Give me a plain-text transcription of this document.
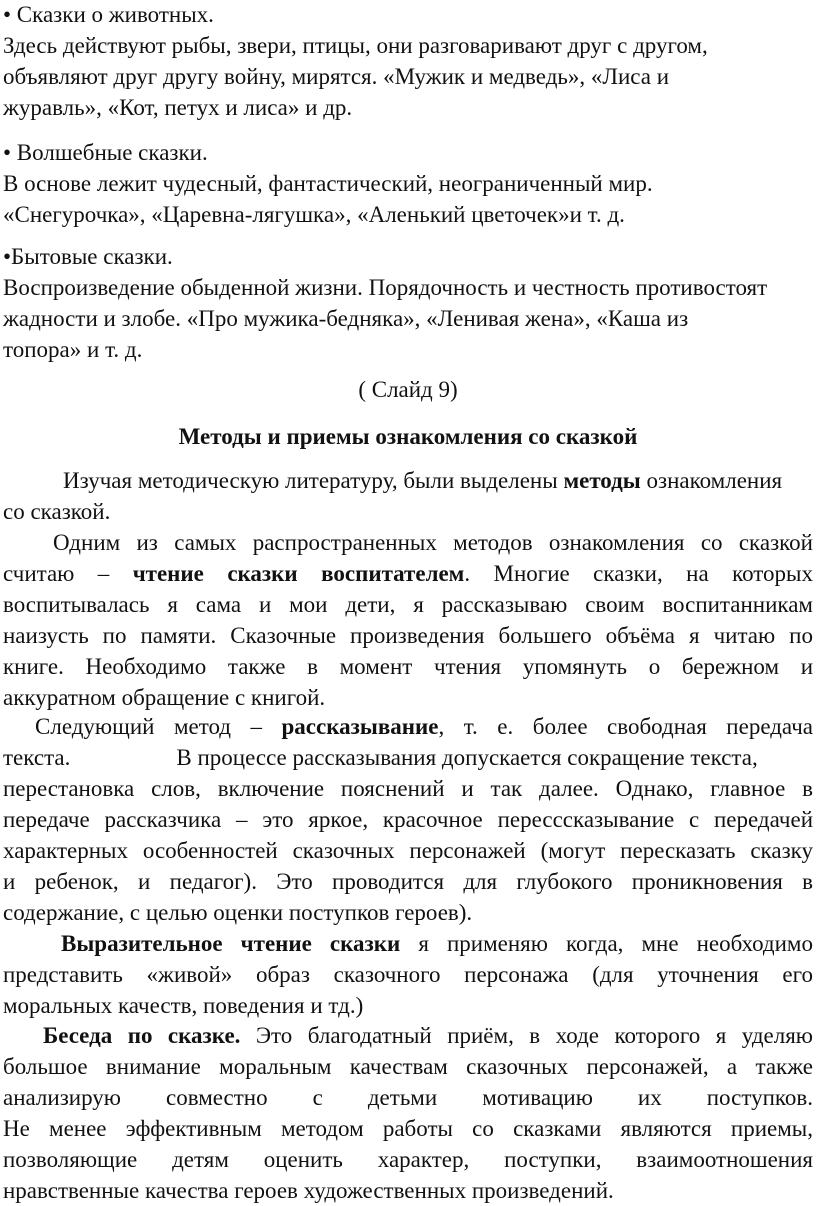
• Сказки о животных.
Здесь действуют рыбы, звери, птицы, они разговаривают друг с другом,
объявляют друг другу войну, мирятся. «Мужик и медведь», «Лиса и
журавль», «Кот, петух и лиса» и др.
• Волшебные сказки.
В основе лежит чудесный, фантастический, неограниченный мир.
«Снегурочка», «Царевна-лягушка», «Аленький цветочек»и т. д.
•Бытовые сказки.
Воспроизведение обыденной жизни. Порядочность и честность противостоят
жадности и злобе. «Про мужика-бедняка», «Ленивая жена», «Каша из
топора» и т. д.
( Слайд 9)
Методы и приемы ознакомления со сказкой
Изучая методическую литературу, были выделены методы ознакомления
со сказкой.
Одним из самых распространенных методов ознакомления со сказкой
считаю – чтение сказки воспитателем. Многие сказки, на которых
воспитывалась я сама и мои дети, я рассказываю своим воспитанникам
наизусть по памяти. Сказочные произведения большего объёма я читаю по
книге. Необходимо также в момент чтения упомянуть о бережном и
аккуратном обращение с книгой.
Следующий метод – рассказывание, т. е. более свободная передача
текста.	В процессе рассказывания допускается сокращение текста,
перестановка слов, включение пояснений и так далее. Однако, главное в
передаче рассказчика – это яркое, красочное пересссказывание с передачей
характерных особенностей сказочных персонажей (могут пересказать сказку
и ребенок, и педагог). Это проводится для глубокого проникновения в
содержание, с целью оценки поступков героев).
Выразительное чтение сказки я применяю когда, мне необходимо
представить «живой» образ сказочного персонажа (для уточнения его
моральных качеств, поведения и тд.)
Беседа по сказке. Это благодатный приём, в ходе которого я уделяю
большое внимание моральным качествам сказочных персонажей, а также
анализирую совместно с детьми мотивацию их поступков.
Не менее эффективным методом работы со сказками являются приемы,
позволяющие детям оценить характер, поступки, взаимоотношения
нравственные качества героев художественных произведений.
